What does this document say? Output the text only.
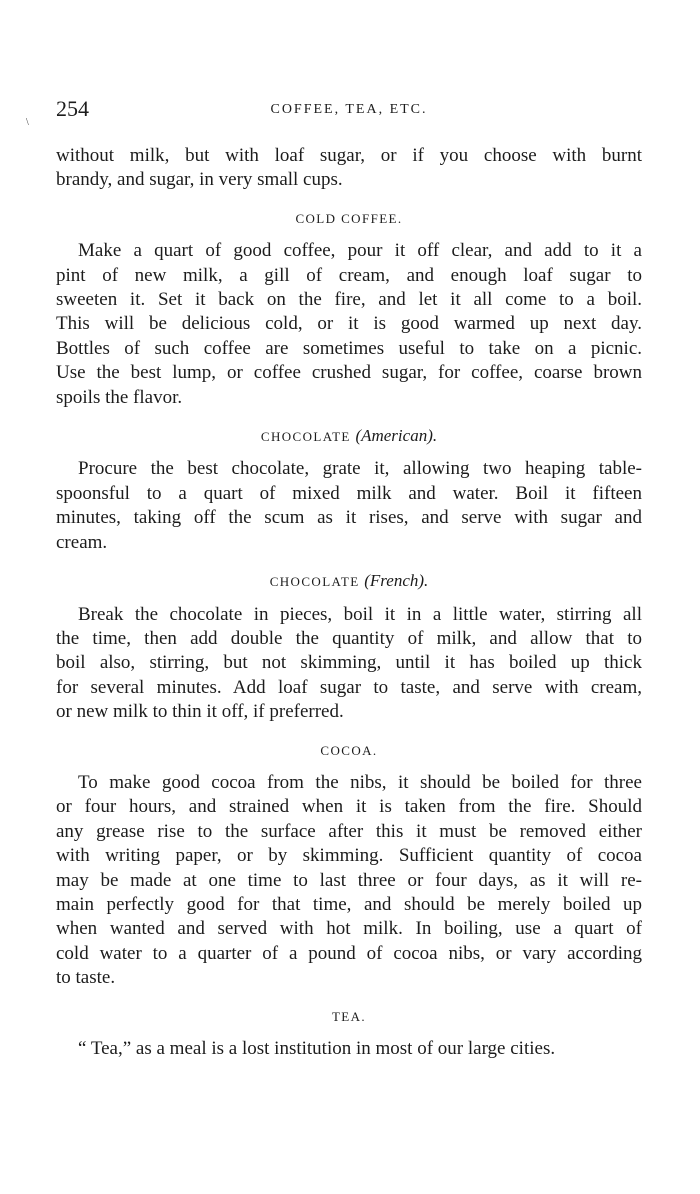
254	COFFEE, TEA, ETC.
\
without milk, but with loaf sugar, or if you choose with burnt
brandy, and sugar, in very small cups.
COLD COFFEE.
Make a quart of good coffee, pour it off clear, and add to it a
pint of new milk, a gill of cream, and enough loaf sugar to
sweeten it. Set it back on the fire, and let it all come to a boil.
This will be delicious cold, or it is good warmed up next day.
Bottles of such coffee are sometimes useful to take on a picnic.
Use the best lump, or coffee crushed sugar, for coffee, coarse brown
spoils the flavor.
CHOCOLATE (American).
Procure the best chocolate, grate it, allowing two heaping table-
spoonsful to a quart of mixed milk and water. Boil it fifteen
minutes, taking off the scum as it rises, and serve with sugar and
cream.
CHOCOLATE (French).
Break the chocolate in pieces, boil it in a little water, stirring all
the time, then add double the quantity of milk, and allow that to
boil also, stirring, but not skimming, until it has boiled up thick
for several minutes. Add loaf sugar to taste, and serve with cream,
or new milk to thin it off, if preferred.
COCOA.
To make good cocoa from the nibs, it should be boiled for three
or four hours, and strained when it is taken from the fire. Should
any grease rise to the surface after this it must be removed either
with writing paper, or by skimming. Sufficient quantity of cocoa
may be made at one time to last three or four days, as it will re-
main perfectly good for that time, and should be merely boiled up
when wanted and served with hot milk. In boiling, use a quart of
cold water to a quarter of a pound of cocoa nibs, or vary according
to taste.
TEA.
“ Tea,” as a meal is a lost institution in most of our large cities.
